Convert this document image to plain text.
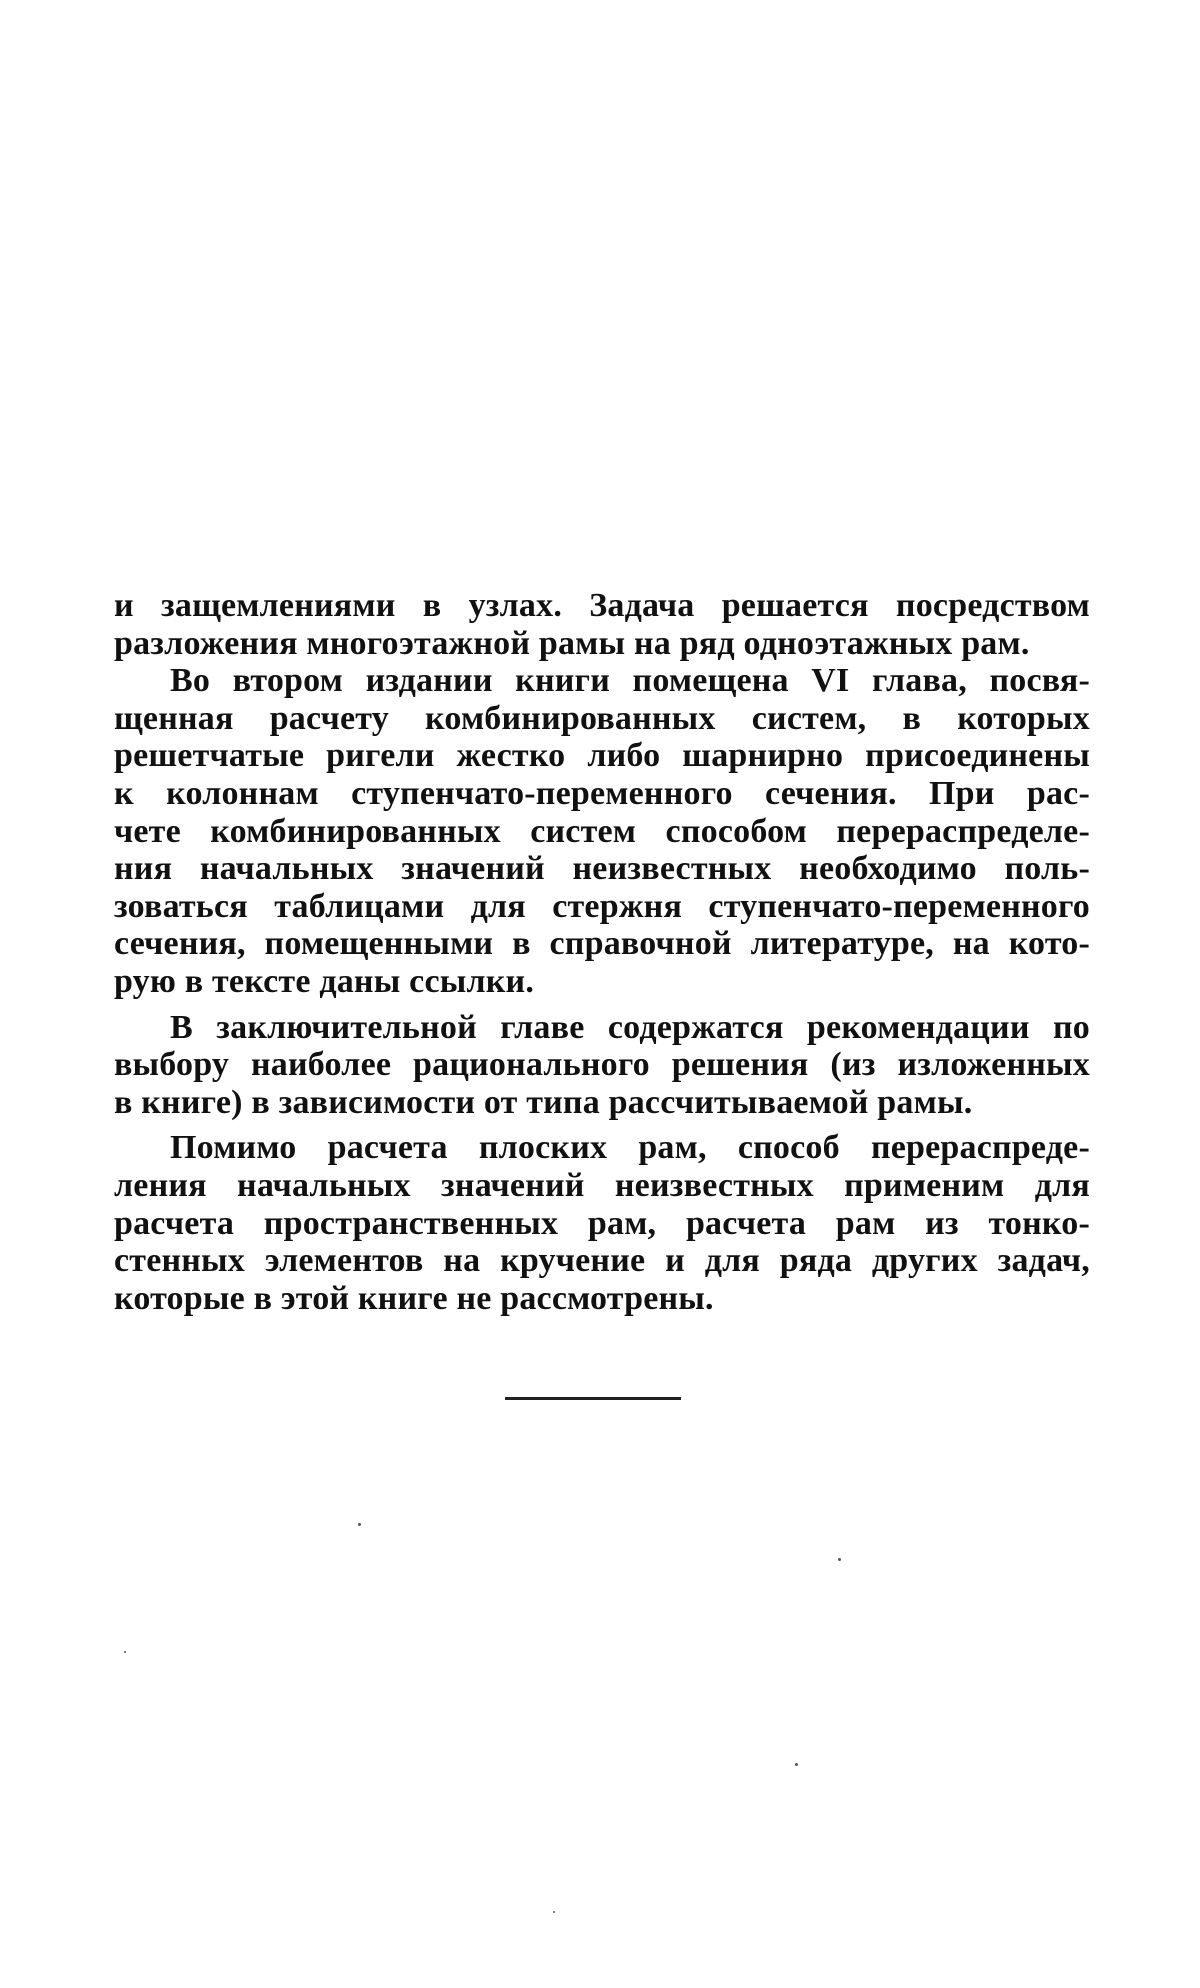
и защемлениями в узлах. Задача решается посредством
разложения многоэтажной рамы на ряд одноэтажных рам.
Во втором издании книги помещена VI глава, посвя-
щенная расчету комбинированных систем, в которых
решетчатые ригели жестко либо шарнирно присоединены
к колоннам ступенчато-переменного сечения. При рас-
чете комбинированных систем способом перераспределе-
ния начальных значений неизвестных необходимо поль-
зоваться таблицами для стержня ступенчато-переменного
сечения, помещенными в справочной литературе, на кото-
рую в тексте даны ссылки.
В заключительной главе содержатся рекомендации по
выбору наиболее рационального решения (из изложенных
в книге) в зависимости от типа рассчитываемой рамы.
Помимо расчета плоских рам, способ перераспреде-
ления начальных значений неизвестных применим для
расчета пространственных рам, расчета рам из тонко-
стенных элементов на кручение и для ряда других задач,
которые в этой книге не рассмотрены.
